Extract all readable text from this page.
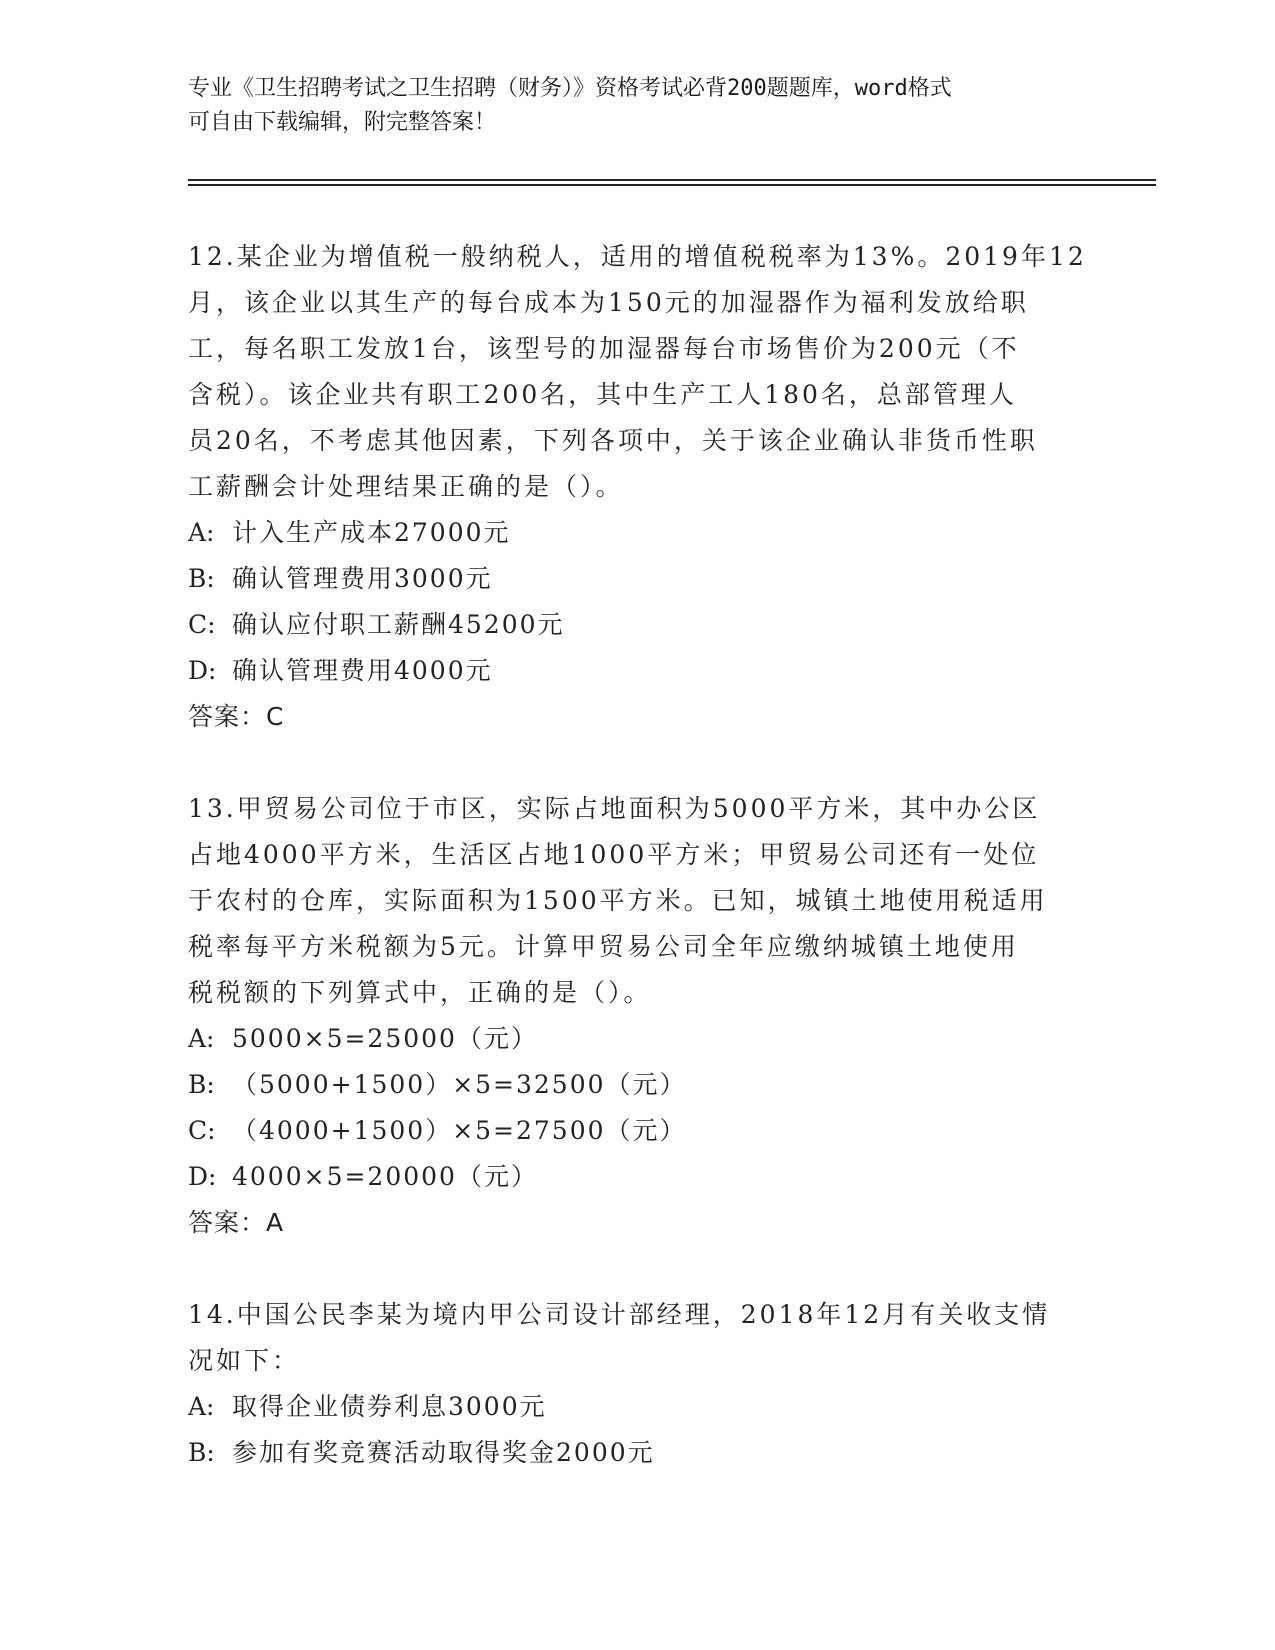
专业《卫生招聘考试之卫生招聘（财务）》资格考试必背200题题库，word格式
可自由下载编辑，附完整答案！
12.某企业为增值税一般纳税人，适用的增值税税率为13%。2019年12
月，该企业以其生产的每台成本为150元的加湿器作为福利发放给职
工，每名职工发放1台，该型号的加湿器每台市场售价为200元（不
含税）。该企业共有职工200名，其中生产工人180名，总部管理人
员20名，不考虑其他因素，下列各项中，关于该企业确认非货币性职
工薪酬会计处理结果正确的是（）。
A: 计入生产成本27000元
B: 确认管理费用3000元
C: 确认应付职工薪酬45200元
D: 确认管理费用4000元
答案：C
13.甲贸易公司位于市区，实际占地面积为5000平方米，其中办公区
占地4000平方米，生活区占地1000平方米；甲贸易公司还有一处位
于农村的仓库，实际面积为1500平方米。已知，城镇土地使用税适用
税率每平方米税额为5元。计算甲贸易公司全年应缴纳城镇土地使用
税税额的下列算式中，正确的是（）。
A: 5000×5=25000（元）
B: （5000+1500）×5=32500（元）
C: （4000+1500）×5=27500（元）
D: 4000×5=20000（元）
答案：A
14.中国公民李某为境内甲公司设计部经理，2018年12月有关收支情
况如下：
A: 取得企业债券利息3000元
B: 参加有奖竞赛活动取得奖金2000元
